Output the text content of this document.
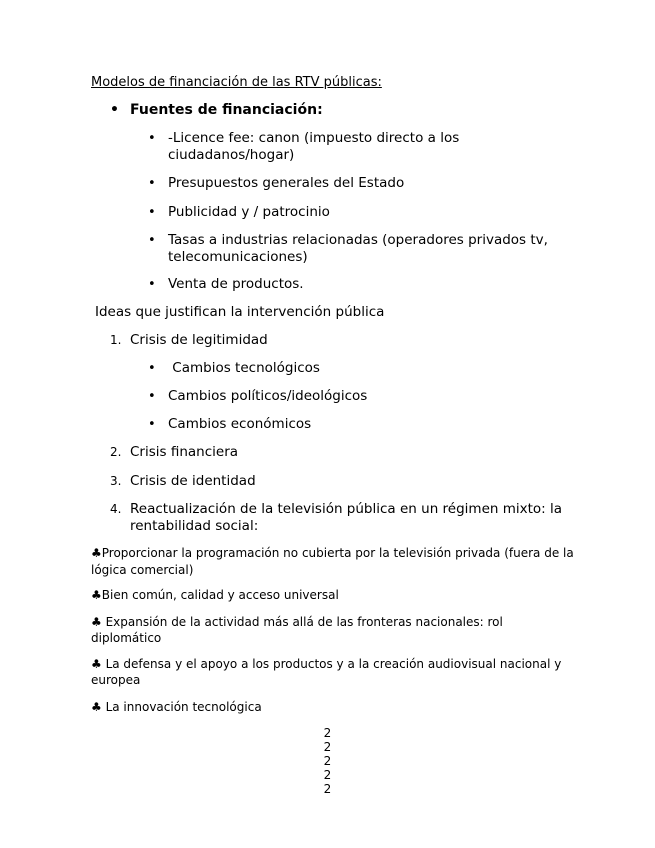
Modelos de financiación de las RTV públicas:
• Fuentes de financiación:
• -Licence fee: canon (impuesto directo a los
ciudadanos/hogar)
• Presupuestos generales del Estado
• Publicidad y / patrocinio
• Tasas a industrias relacionadas (operadores privados tv,
telecomunicaciones)
• Venta de productos.
Ideas que justifican la intervención pública
1. Crisis de legitimidad
• Cambios tecnológicos
• Cambios políticos/ideológicos
• Cambios económicos
2. Crisis financiera
3. Crisis de identidad
4. Reactualización de la televisión pública en un régimen mixto: la
rentabilidad social:
♣Proporcionar la programación no cubierta por la televisión privada (fuera de la
lógica comercial)
♣Bien común, calidad y acceso universal
♣ Expansión de la actividad más allá de las fronteras nacionales: rol
diplomático
♣ La defensa y el apoyo a los productos y a la creación audiovisual nacional y
europea
♣ La innovación tecnológica
2
2
2
2
2
